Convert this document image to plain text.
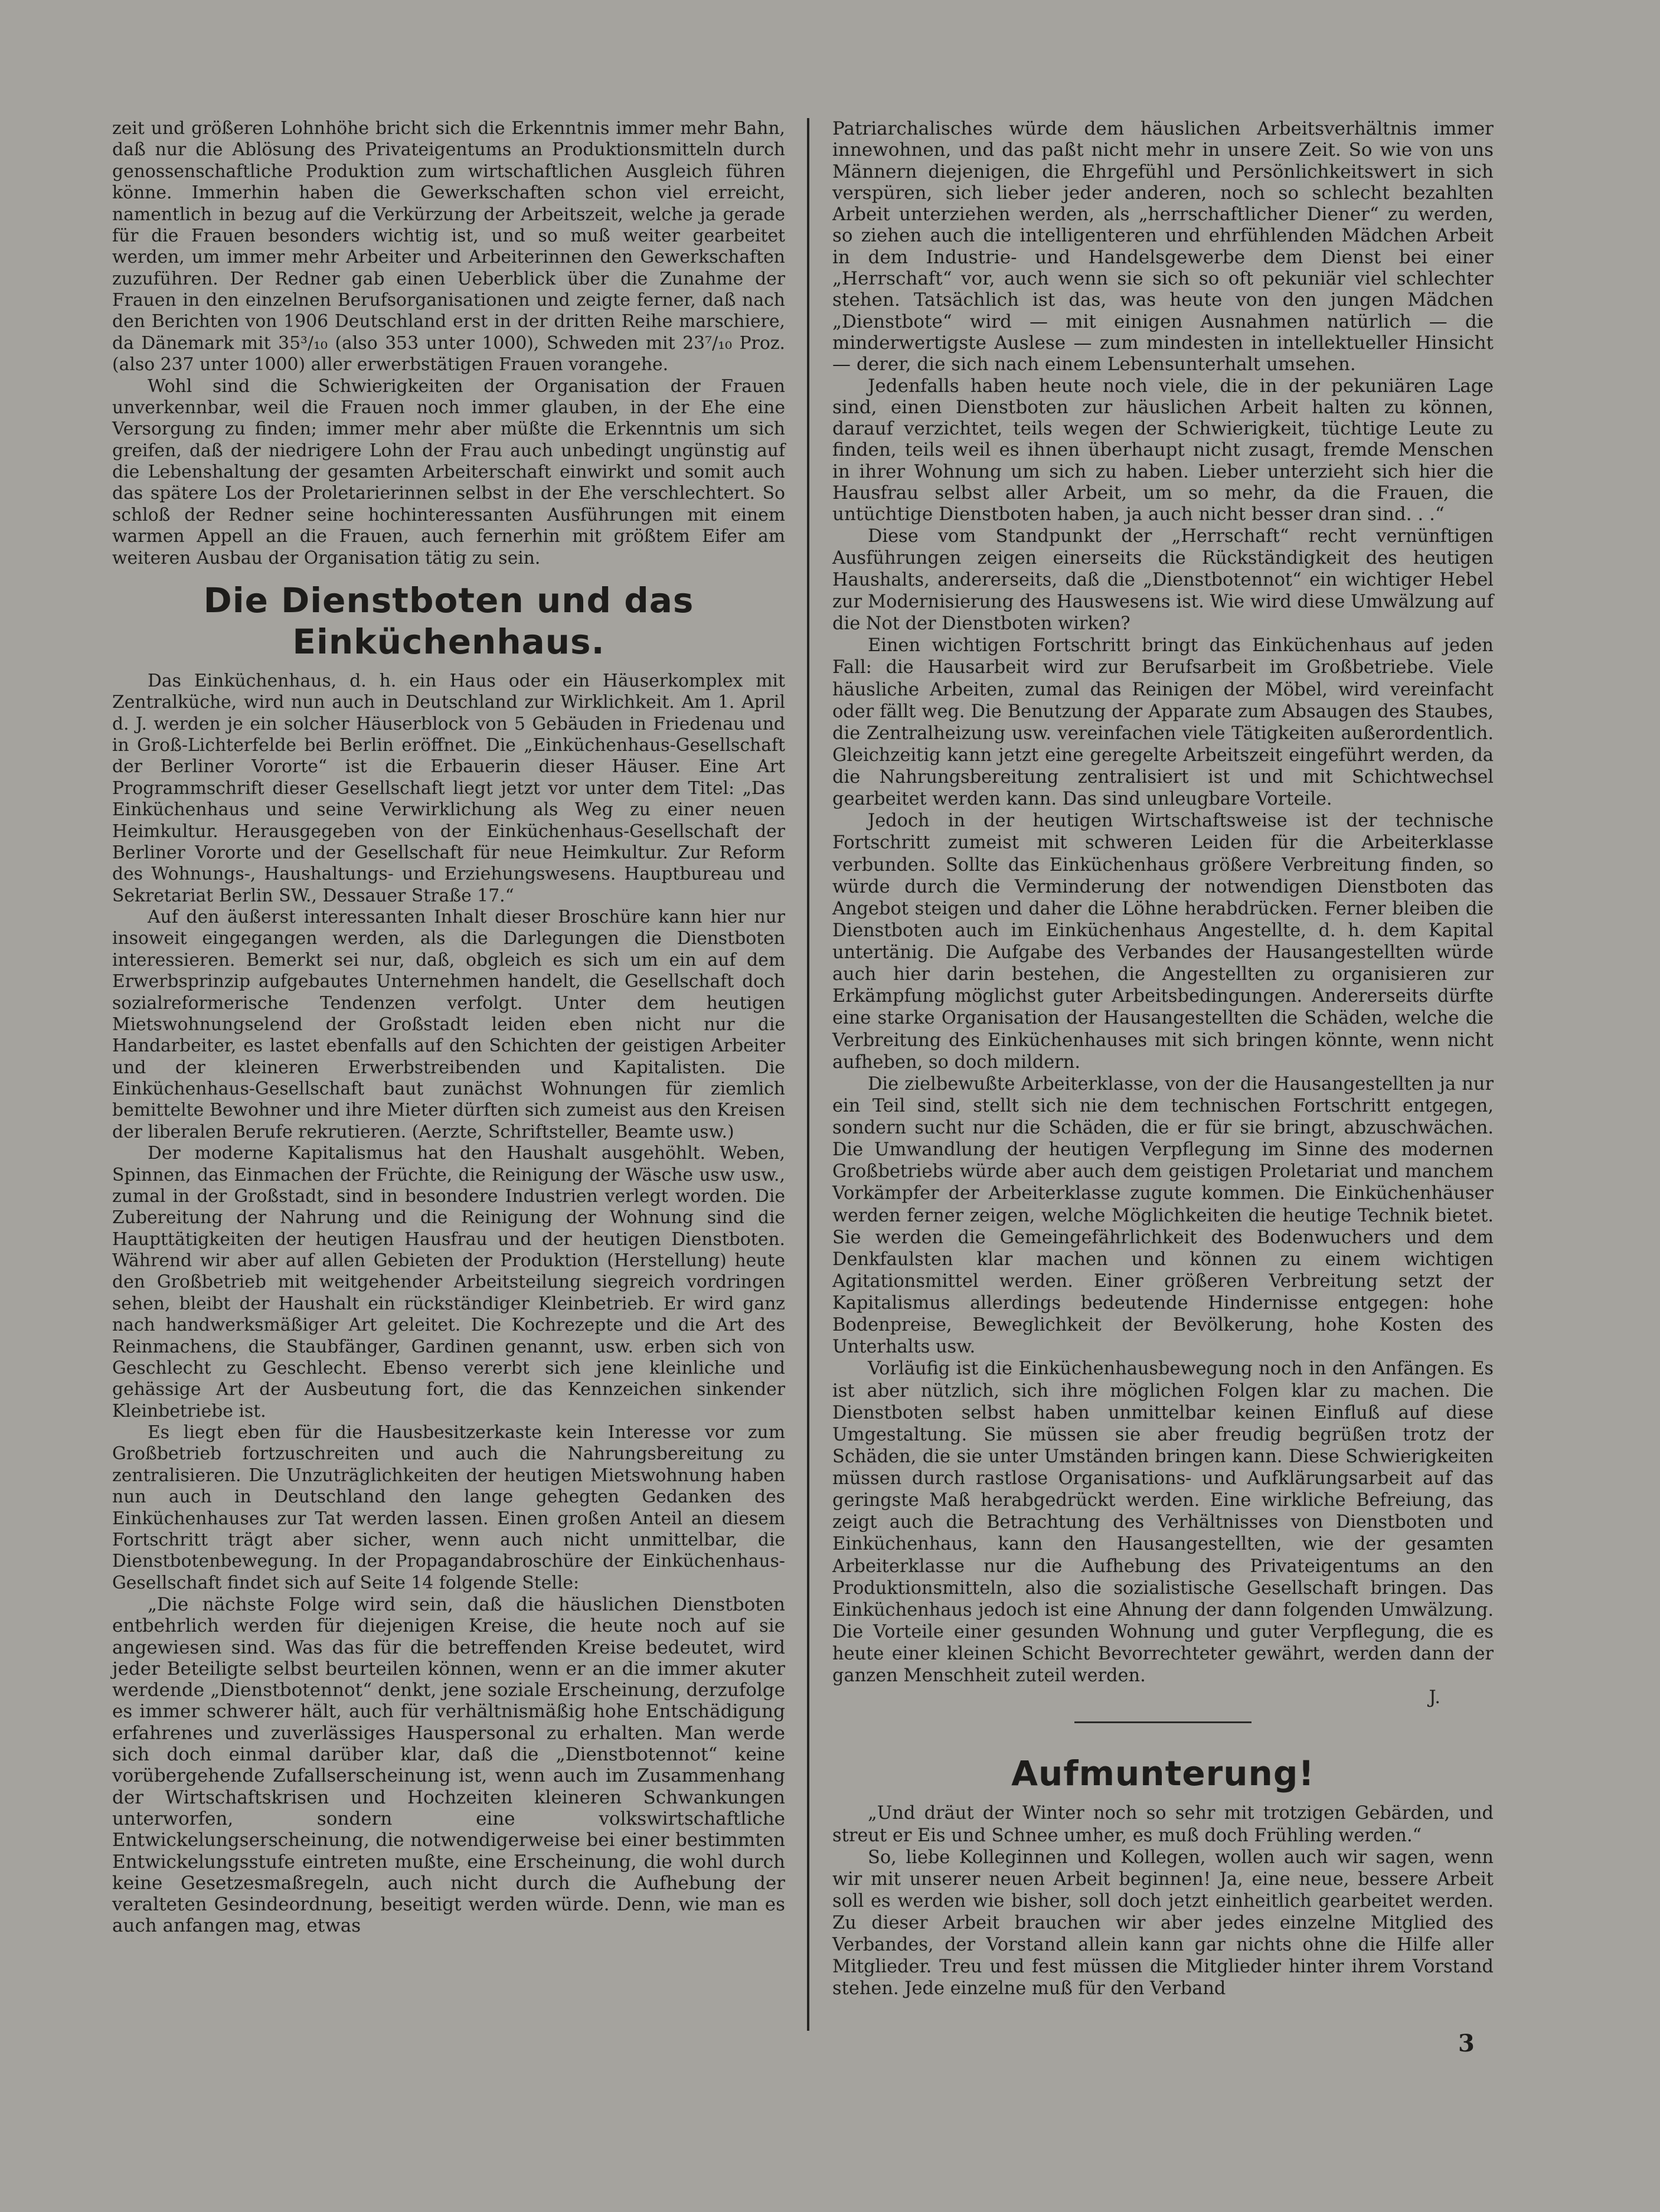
zeit und größeren Lohnhöhe bricht sich die Erkenntnis immer mehr Bahn, daß nur die Ablösung des Privateigentums an Produktionsmitteln durch genossenschaftliche Produktion zum wirtschaftlichen Ausgleich führen könne. Immerhin haben die Gewerkschaften schon viel erreicht, namentlich in bezug auf die Verkürzung der Arbeitszeit, welche ja gerade für die Frauen besonders wichtig ist, und so muß weiter gearbeitet werden, um immer mehr Arbeiter und Arbeiterinnen den Gewerkschaften zuzuführen. Der Redner gab einen Ueberblick über die Zunahme der Frauen in den einzelnen Berufsorganisationen und zeigte ferner, daß nach den Berichten von 1906 Deutschland erst in der dritten Reihe marschiere, da Dänemark mit 35³/₁₀ (also 353 unter 1000), Schweden mit 23⁷/₁₀ Proz. (also 237 unter 1000) aller erwerbstätigen Frauen vorangehe.

Wohl sind die Schwierigkeiten der Organisation der Frauen unverkennbar, weil die Frauen noch immer glauben, in der Ehe eine Versorgung zu finden; immer mehr aber müßte die Erkenntnis um sich greifen, daß der niedrigere Lohn der Frau auch unbedingt ungünstig auf die Lebenshaltung der gesamten Arbeiterschaft einwirkt und somit auch das spätere Los der Proletarierinnen selbst in der Ehe verschlechtert. So schloß der Redner seine hochinteressanten Ausführungen mit einem warmen Appell an die Frauen, auch fernerhin mit größtem Eifer am weiteren Ausbau der Organisation tätig zu sein.

Die Dienstboten und das Einküchenhaus.

Das Einküchenhaus, d. h. ein Haus oder ein Häuserkomplex mit Zentralküche, wird nun auch in Deutschland zur Wirklichkeit. Am 1. April d. J. werden je ein solcher Häuserblock von 5 Gebäuden in Friedenau und in Groß-Lichterfelde bei Berlin eröffnet. Die „Einküchenhaus-Gesellschaft der Berliner Vororte“ ist die Erbauerin dieser Häuser. Eine Art Programmschrift dieser Gesellschaft liegt jetzt vor unter dem Titel: „Das Einküchenhaus und seine Verwirklichung als Weg zu einer neuen Heimkultur. Herausgegeben von der Einküchenhaus-Gesellschaft der Berliner Vororte und der Gesellschaft für neue Heimkultur. Zur Reform des Wohnungs-, Haushaltungs- und Erziehungswesens. Hauptbureau und Sekretariat Berlin SW., Dessauer Straße 17.“

Auf den äußerst interessanten Inhalt dieser Broschüre kann hier nur insoweit eingegangen werden, als die Darlegungen die Dienstboten interessieren. Bemerkt sei nur, daß, obgleich es sich um ein auf dem Erwerbsprinzip aufgebautes Unternehmen handelt, die Gesellschaft doch sozialreformerische Tendenzen verfolgt. Unter dem heutigen Mietswohnungselend der Großstadt leiden eben nicht nur die Handarbeiter, es lastet ebenfalls auf den Schichten der geistigen Arbeiter und der kleineren Erwerbstreibenden und Kapitalisten. Die Einküchenhaus-Gesellschaft baut zunächst Wohnungen für ziemlich bemittelte Bewohner und ihre Mieter dürften sich zumeist aus den Kreisen der liberalen Berufe rekrutieren. (Aerzte, Schriftsteller, Beamte usw.)

Der moderne Kapitalismus hat den Haushalt ausgehöhlt. Weben, Spinnen, das Einmachen der Früchte, die Reinigung der Wäsche usw usw., zumal in der Großstadt, sind in besondere Industrien verlegt worden. Die Zubereitung der Nahrung und die Reinigung der Wohnung sind die Haupttätigkeiten der heutigen Hausfrau und der heutigen Dienstboten. Während wir aber auf allen Gebieten der Produktion (Herstellung) heute den Großbetrieb mit weitgehender Arbeitsteilung siegreich vordringen sehen, bleibt der Haushalt ein rückständiger Kleinbetrieb. Er wird ganz nach handwerksmäßiger Art geleitet. Die Kochrezepte und die Art des Reinmachens, die Staubfänger, Gardinen genannt, usw. erben sich von Geschlecht zu Geschlecht. Ebenso vererbt sich jene kleinliche und gehässige Art der Ausbeutung fort, die das Kennzeichen sinkender Kleinbetriebe ist.

Es liegt eben für die Hausbesitzerkaste kein Interesse vor zum Großbetrieb fortzuschreiten und auch die Nahrungsbereitung zu zentralisieren. Die Unzuträglichkeiten der heutigen Mietswohnung haben nun auch in Deutschland den lange gehegten Gedanken des Einküchenhauses zur Tat werden lassen. Einen großen Anteil an diesem Fortschritt trägt aber sicher, wenn auch nicht unmittelbar, die Dienstbotenbewegung. In der Propagandabroschüre der Einküchenhaus-Gesellschaft findet sich auf Seite 14 folgende Stelle:

„Die nächste Folge wird sein, daß die häuslichen Dienstboten entbehrlich werden für diejenigen Kreise, die heute noch auf sie angewiesen sind. Was das für die betreffenden Kreise bedeutet, wird jeder Beteiligte selbst beurteilen können, wenn er an die immer akuter werdende „Dienstbotennot“ denkt, jene soziale Erscheinung, derzufolge es immer schwerer hält, auch für verhältnismäßig hohe Entschädigung erfahrenes und zuverlässiges Hauspersonal zu erhalten. Man werde sich doch einmal darüber klar, daß die „Dienstbotennot“ keine vorübergehende Zufallserscheinung ist, wenn auch im Zusammenhang der Wirtschaftskrisen und Hochzeiten kleineren Schwankungen unterworfen, sondern eine volkswirtschaftliche Entwickelungserscheinung, die notwendigerweise bei einer bestimmten Entwickelungsstufe eintreten mußte, eine Erscheinung, die wohl durch keine Gesetzesmaßregeln, auch nicht durch die Aufhebung der veralteten Gesindeordnung, beseitigt werden würde. Denn, wie man es auch anfangen mag, etwas

Patriarchalisches würde dem häuslichen Arbeitsverhältnis immer innewohnen, und das paßt nicht mehr in unsere Zeit. So wie von uns Männern diejenigen, die Ehrgefühl und Persönlichkeitswert in sich verspüren, sich lieber jeder anderen, noch so schlecht bezahlten Arbeit unterziehen werden, als „herrschaftlicher Diener“ zu werden, so ziehen auch die intelligenteren und ehrfühlenden Mädchen Arbeit in dem Industrie- und Handelsgewerbe dem Dienst bei einer „Herrschaft“ vor, auch wenn sie sich so oft pekuniär viel schlechter stehen. Tatsächlich ist das, was heute von den jungen Mädchen „Dienstbote“ wird — mit einigen Ausnahmen natürlich — die minderwertigste Auslese — zum mindesten in intellektueller Hinsicht — derer, die sich nach einem Lebensunterhalt umsehen.

Jedenfalls haben heute noch viele, die in der pekuniären Lage sind, einen Dienstboten zur häuslichen Arbeit halten zu können, darauf verzichtet, teils wegen der Schwierigkeit, tüchtige Leute zu finden, teils weil es ihnen überhaupt nicht zusagt, fremde Menschen in ihrer Wohnung um sich zu haben. Lieber unterzieht sich hier die Hausfrau selbst aller Arbeit, um so mehr, da die Frauen, die untüchtige Dienstboten haben, ja auch nicht besser dran sind. . .“

Diese vom Standpunkt der „Herrschaft“ recht vernünftigen Ausführungen zeigen einerseits die Rückständigkeit des heutigen Haushalts, andererseits, daß die „Dienstbotennot“ ein wichtiger Hebel zur Modernisierung des Hauswesens ist. Wie wird diese Umwälzung auf die Not der Dienstboten wirken?

Einen wichtigen Fortschritt bringt das Einküchenhaus auf jeden Fall: die Hausarbeit wird zur Berufsarbeit im Großbetriebe. Viele häusliche Arbeiten, zumal das Reinigen der Möbel, wird vereinfacht oder fällt weg. Die Benutzung der Apparate zum Absaugen des Staubes, die Zentralheizung usw. vereinfachen viele Tätigkeiten außerordentlich. Gleichzeitig kann jetzt eine geregelte Arbeitszeit eingeführt werden, da die Nahrungsbereitung zentralisiert ist und mit Schichtwechsel gearbeitet werden kann. Das sind unleugbare Vorteile.

Jedoch in der heutigen Wirtschaftsweise ist der technische Fortschritt zumeist mit schweren Leiden für die Arbeiterklasse verbunden. Sollte das Einküchenhaus größere Verbreitung finden, so würde durch die Verminderung der notwendigen Dienstboten das Angebot steigen und daher die Löhne herabdrücken. Ferner bleiben die Dienstboten auch im Einküchenhaus Angestellte, d. h. dem Kapital untertänig. Die Aufgabe des Verbandes der Hausangestellten würde auch hier darin bestehen, die Angestellten zu organisieren zur Erkämpfung möglichst guter Arbeitsbedingungen. Andererseits dürfte eine starke Organisation der Hausangestellten die Schäden, welche die Verbreitung des Einküchenhauses mit sich bringen könnte, wenn nicht aufheben, so doch mildern.

Die zielbewußte Arbeiterklasse, von der die Hausangestellten ja nur ein Teil sind, stellt sich nie dem technischen Fortschritt entgegen, sondern sucht nur die Schäden, die er für sie bringt, abzuschwächen. Die Umwandlung der heutigen Verpflegung im Sinne des modernen Großbetriebs würde aber auch dem geistigen Proletariat und manchem Vorkämpfer der Arbeiterklasse zugute kommen. Die Einküchenhäuser werden ferner zeigen, welche Möglichkeiten die heutige Technik bietet. Sie werden die Gemeingefährlichkeit des Bodenwuchers und dem Denkfaulsten klar machen und können zu einem wichtigen Agitationsmittel werden. Einer größeren Verbreitung setzt der Kapitalismus allerdings bedeutende Hindernisse entgegen: hohe Bodenpreise, Beweglichkeit der Bevölkerung, hohe Kosten des Unterhalts usw.

Vorläufig ist die Einküchenhausbewegung noch in den Anfängen. Es ist aber nützlich, sich ihre möglichen Folgen klar zu machen. Die Dienstboten selbst haben unmittelbar keinen Einfluß auf diese Umgestaltung. Sie müssen sie aber freudig begrüßen trotz der Schäden, die sie unter Umständen bringen kann. Diese Schwierigkeiten müssen durch rastlose Organisations- und Aufklärungsarbeit auf das geringste Maß herabgedrückt werden. Eine wirkliche Befreiung, das zeigt auch die Betrachtung des Verhältnisses von Dienstboten und Einküchenhaus, kann den Hausangestellten, wie der gesamten Arbeiterklasse nur die Aufhebung des Privateigentums an den Produktionsmitteln, also die sozialistische Gesellschaft bringen. Das Einküchenhaus jedoch ist eine Ahnung der dann folgenden Umwälzung. Die Vorteile einer gesunden Wohnung und guter Verpflegung, die es heute einer kleinen Schicht Bevorrechteter gewährt, werden dann der ganzen Menschheit zuteil werden.

J.

Aufmunterung!

„Und dräut der Winter noch so sehr mit trotzigen Gebärden, und streut er Eis und Schnee umher, es muß doch Frühling werden.“

So, liebe Kolleginnen und Kollegen, wollen auch wir sagen, wenn wir mit unserer neuen Arbeit beginnen! Ja, eine neue, bessere Arbeit soll es werden wie bisher, soll doch jetzt einheitlich gearbeitet werden. Zu dieser Arbeit brauchen wir aber jedes einzelne Mitglied des Verbandes, der Vorstand allein kann gar nichts ohne die Hilfe aller Mitglieder. Treu und fest müssen die Mitglieder hinter ihrem Vorstand stehen. Jede einzelne muß für den Verband

3
